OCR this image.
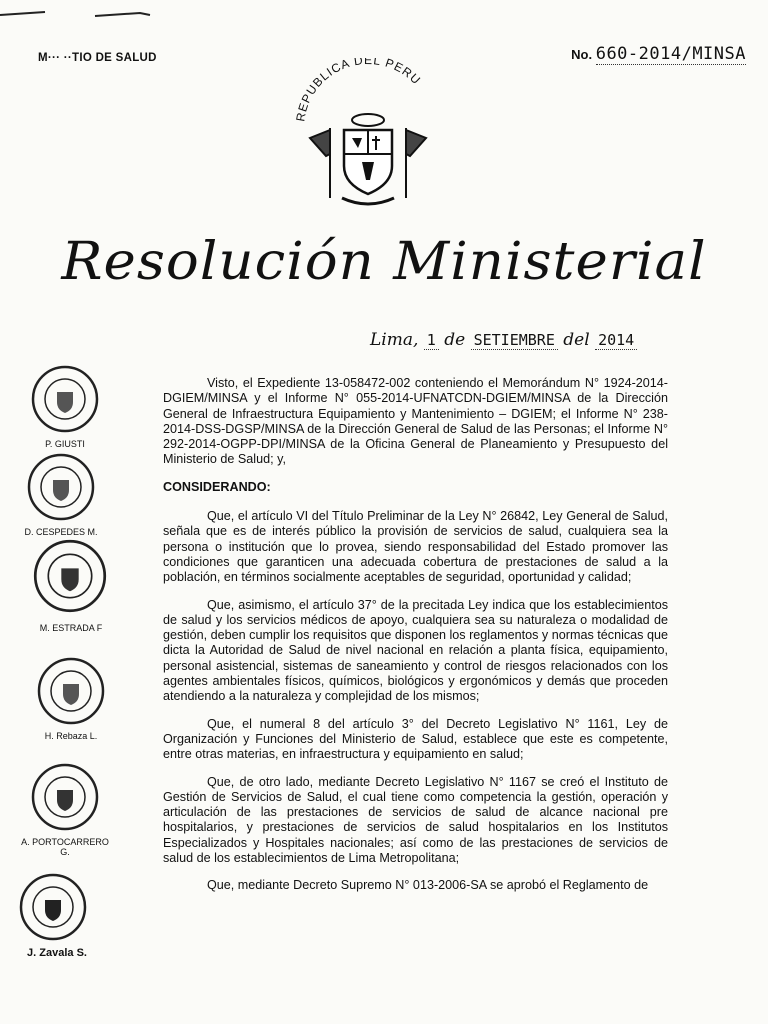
M··· ··TIO DE SALUD	No. 660-2014/MINSA
REPUBLICA DEL PERU
Resolución Ministerial
Lima, 1 de SETIEMBRE del 2014

Visto, el Expediente 13-058472-002 conteniendo el Memorándum N° 1924-2014-DGIEM/MINSA y el Informe N° 055-2014-UFNATCDN-DGIEM/MINSA de la Dirección General de Infraestructura Equipamiento y Mantenimiento – DGIEM; el Informe N° 238-2014-DSS-DGSP/MINSA de la Dirección General de Salud de las Personas; el Informe N° 292-2014-OGPP-DPI/MINSA de la Oficina General de Planeamiento y Presupuesto del Ministerio de Salud; y,

CONSIDERANDO:

Que, el artículo VI del Título Preliminar de la Ley N° 26842, Ley General de Salud, señala que es de interés público la provisión de servicios de salud, cualquiera sea la persona o institución que lo provea, siendo responsabilidad del Estado promover las condiciones que garanticen una adecuada cobertura de prestaciones de salud a la población, en términos socialmente aceptables de seguridad, oportunidad y calidad;

Que, asimismo, el artículo 37° de la precitada Ley indica que los establecimientos de salud y los servicios médicos de apoyo, cualquiera sea su naturaleza o modalidad de gestión, deben cumplir los requisitos que disponen los reglamentos y normas técnicas que dicta la Autoridad de Salud de nivel nacional en relación a planta física, equipamiento, personal asistencial, sistemas de saneamiento y control de riesgos relacionados con los agentes ambientales físicos, químicos, biológicos y ergonómicos y demás que proceden atendiendo a la naturaleza y complejidad de los mismos;

Que, el numeral 8 del artículo 3° del Decreto Legislativo N° 1161, Ley de Organización y Funciones del Ministerio de Salud, establece que este es competente, entre otras materias, en infraestructura y equipamiento en salud;

Que, de otro lado, mediante Decreto Legislativo N° 1167 se creó el Instituto de Gestión de Servicios de Salud, el cual tiene como competencia la gestión, operación y articulación de las prestaciones de servicios de salud de alcance nacional pre hospitalarios, y prestaciones de servicios de salud hospitalarios en los Institutos Especializados y Hospitales nacionales; así como de las prestaciones de servicios de salud de los establecimientos de Lima Metropolitana;

Que, mediante Decreto Supremo N° 013-2006-SA se aprobó el Reglamento de

P. GIUSTI
D. CESPEDES M.
M. ESTRADA F
H. Rebaza L.
A. PORTOCARRERO G.
J. Zavala S.
